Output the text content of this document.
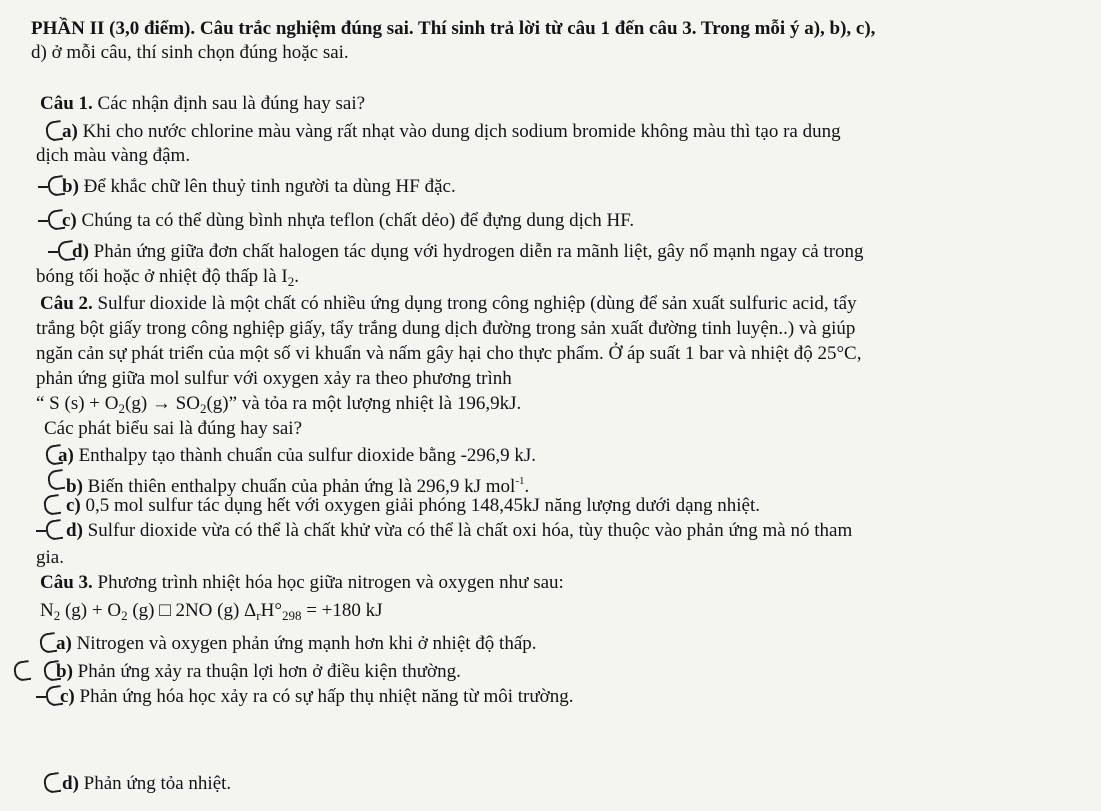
PHẦN II (3,0 điểm). Câu trắc nghiệm đúng sai. Thí sinh trả lời từ câu 1 đến câu 3. Trong mỗi ý a), b), c),
d) ở mỗi câu, thí sinh chọn đúng hoặc sai.
Câu 1. Các nhận định sau là đúng hay sai?
a) Khi cho nước chlorine màu vàng rất nhạt vào dung dịch sodium bromide không màu thì tạo ra dung
dịch màu vàng đậm.
b) Để khắc chữ lên thuỷ tinh người ta dùng HF đặc.
c) Chúng ta có thể dùng bình nhựa teflon (chất dẻo) để đựng dung dịch HF.
d) Phản ứng giữa đơn chất halogen tác dụng với hydrogen diễn ra mãnh liệt, gây nổ mạnh ngay cả trong
bóng tối hoặc ở nhiệt độ thấp là $I_2$.
Câu 2. Sulfur dioxide là một chất có nhiều ứng dụng trong công nghiệp (dùng để sản xuất sulfuric acid, tẩy
trắng bột giấy trong công nghiệp giấy, tẩy trắng dung dịch đường trong sản xuất đường tinh luyện..) và giúp
ngăn cản sự phát triển của một số vi khuẩn và nấm gây hại cho thực phẩm. Ở áp suất 1 bar và nhiệt độ 25°C,
phản ứng giữa mol sulfur với oxygen xảy ra theo phương trình
“ S $(s) + O_2(g) \to SO_2(g)$” và tỏa ra một lượng nhiệt là 196,9kJ.
Các phát biểu sai là đúng hay sai?
a) Enthalpy tạo thành chuẩn của sulfur dioxide bằng -296,9 kJ.
b) Biến thiên enthalpy chuẩn của phản ứng là 296,9 kJ mol$^{-1}$.
c) 0,5 mol sulfur tác dụng hết với oxygen giải phóng 148,45kJ năng lượng dưới dạng nhiệt.
d) Sulfur dioxide vừa có thể là chất khử vừa có thể là chất oxi hóa, tùy thuộc vào phản ứng mà nó tham
gia.
Câu 3. Phương trình nhiệt hóa học giữa nitrogen và oxygen như sau:
$N_2$ $(g) + O_2$ (g) □ 2NO (g) $\Delta_rH^\circ_{298} = +180$ kJ
a) Nitrogen và oxygen phản ứng mạnh hơn khi ở nhiệt độ thấp.
b) Phản ứng xảy ra thuận lợi hơn ở điều kiện thường.
c) Phản ứng hóa học xảy ra có sự hấp thụ nhiệt năng từ môi trường.
d) Phản ứng tỏa nhiệt.
